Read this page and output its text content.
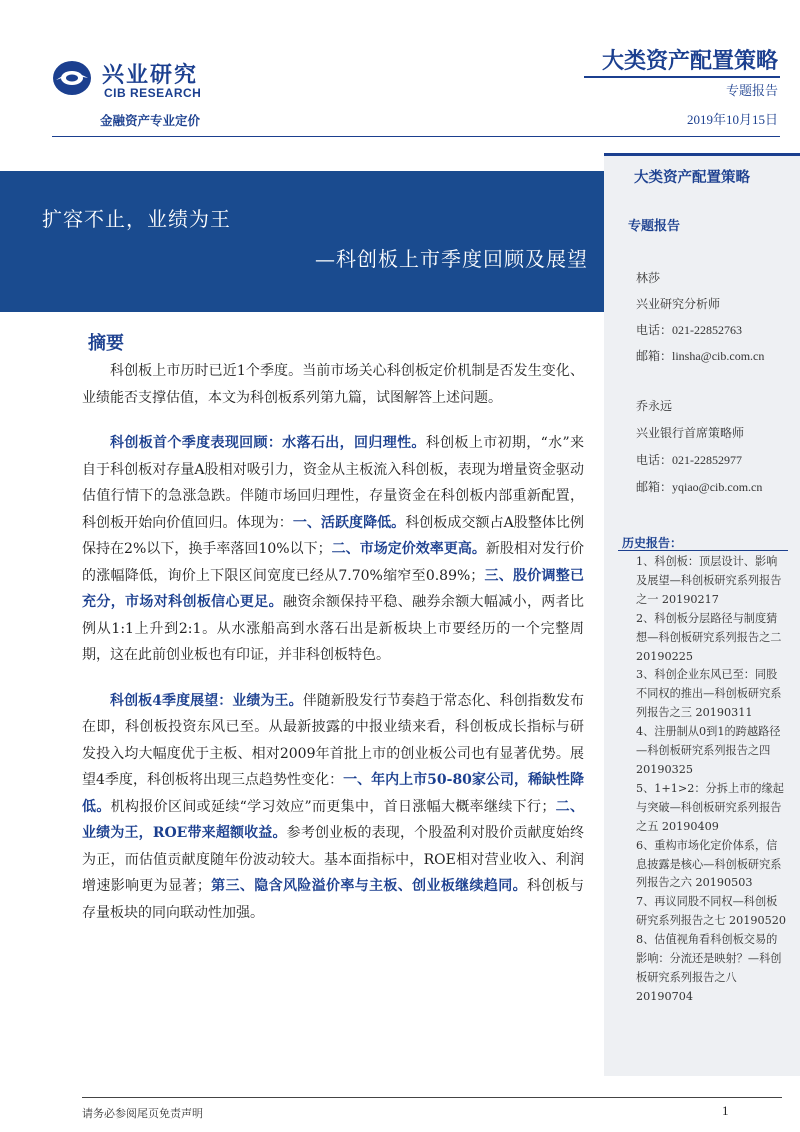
兴业研究
CIB RESEARCH
金融资产专业定价
大类资产配置策略
专题报告
2019年10月15日
扩容不止，业绩为王
—科创板上市季度回顾及展望
摘要

科创板上市历时已近1个季度。当前市场关心科创板定价机制是否发生变化、业绩能否支撑估值，本文为科创板系列第九篇，试图解答上述问题。

科创板首个季度表现回顾：水落石出，回归理性。科创板上市初期，“水”来自于科创板对存量A股相对吸引力，资金从主板流入科创板，表现为增量资金驱动估值行情下的急涨急跌。伴随市场回归理性，存量资金在科创板内部重新配置，科创板开始向价值回归。体现为：一、活跃度降低。科创板成交额占A股整体比例保持在2%以下，换手率落回10%以下；二、市场定价效率更高。新股相对发行价的涨幅降低，询价上下限区间宽度已经从7.70%缩窄至0.89%；三、股价调整已充分，市场对科创板信心更足。融资余额保持平稳、融券余额大幅减小，两者比例从1:1上升到2:1。从水涨船高到水落石出是新板块上市要经历的一个完整周期，这在此前创业板也有印证，并非科创板特色。

科创板4季度展望：业绩为王。伴随新股发行节奏趋于常态化、科创指数发布在即，科创板投资东风已至。从最新披露的中报业绩来看，科创板成长指标与研发投入均大幅度优于主板、相对2009年首批上市的创业板公司也有显著优势。展望4季度，科创板将出现三点趋势性变化：一、年内上市50-80家公司，稀缺性降低。机构报价区间或延续“学习效应”而更集中，首日涨幅大概率继续下行；二、业绩为王，ROE带来超额收益。参考创业板的表现，个股盈利对股价贡献度始终为正，而估值贡献度随年份波动较大。基本面指标中，ROE相对营业收入、利润增速影响更为显著；第三、隐含风险溢价率与主板、创业板继续趋同。科创板与存量板块的同向联动性加强。

大类资产配置策略
专题报告
林莎
兴业研究分析师
电话：021-22852763
邮箱：linsha@cib.com.cn
乔永远
兴业银行首席策略师
电话：021-22852977
邮箱：yqiao@cib.com.cn
历史报告：
1、科创板：顶层设计、影响及展望—科创板研究系列报告之一 20190217
2、科创板分层路径与制度猜想—科创板研究系列报告之二 20190225
3、科创企业东风已至：同股不同权的推出—科创板研究系列报告之三 20190311
4、注册制从0到1的跨越路径—科创板研究系列报告之四 20190325
5、1+1>2：分拆上市的缘起与突破—科创板研究系列报告之五 20190409
6、重构市场化定价体系，信息披露是核心—科创板研究系列报告之六 20190503
7、再议同股不同权—科创板研究系列报告之七 20190520
8、估值视角看科创板交易的影响：分流还是映射？—科创板研究系列报告之八 20190704
请务必参阅尾页免责声明	1
